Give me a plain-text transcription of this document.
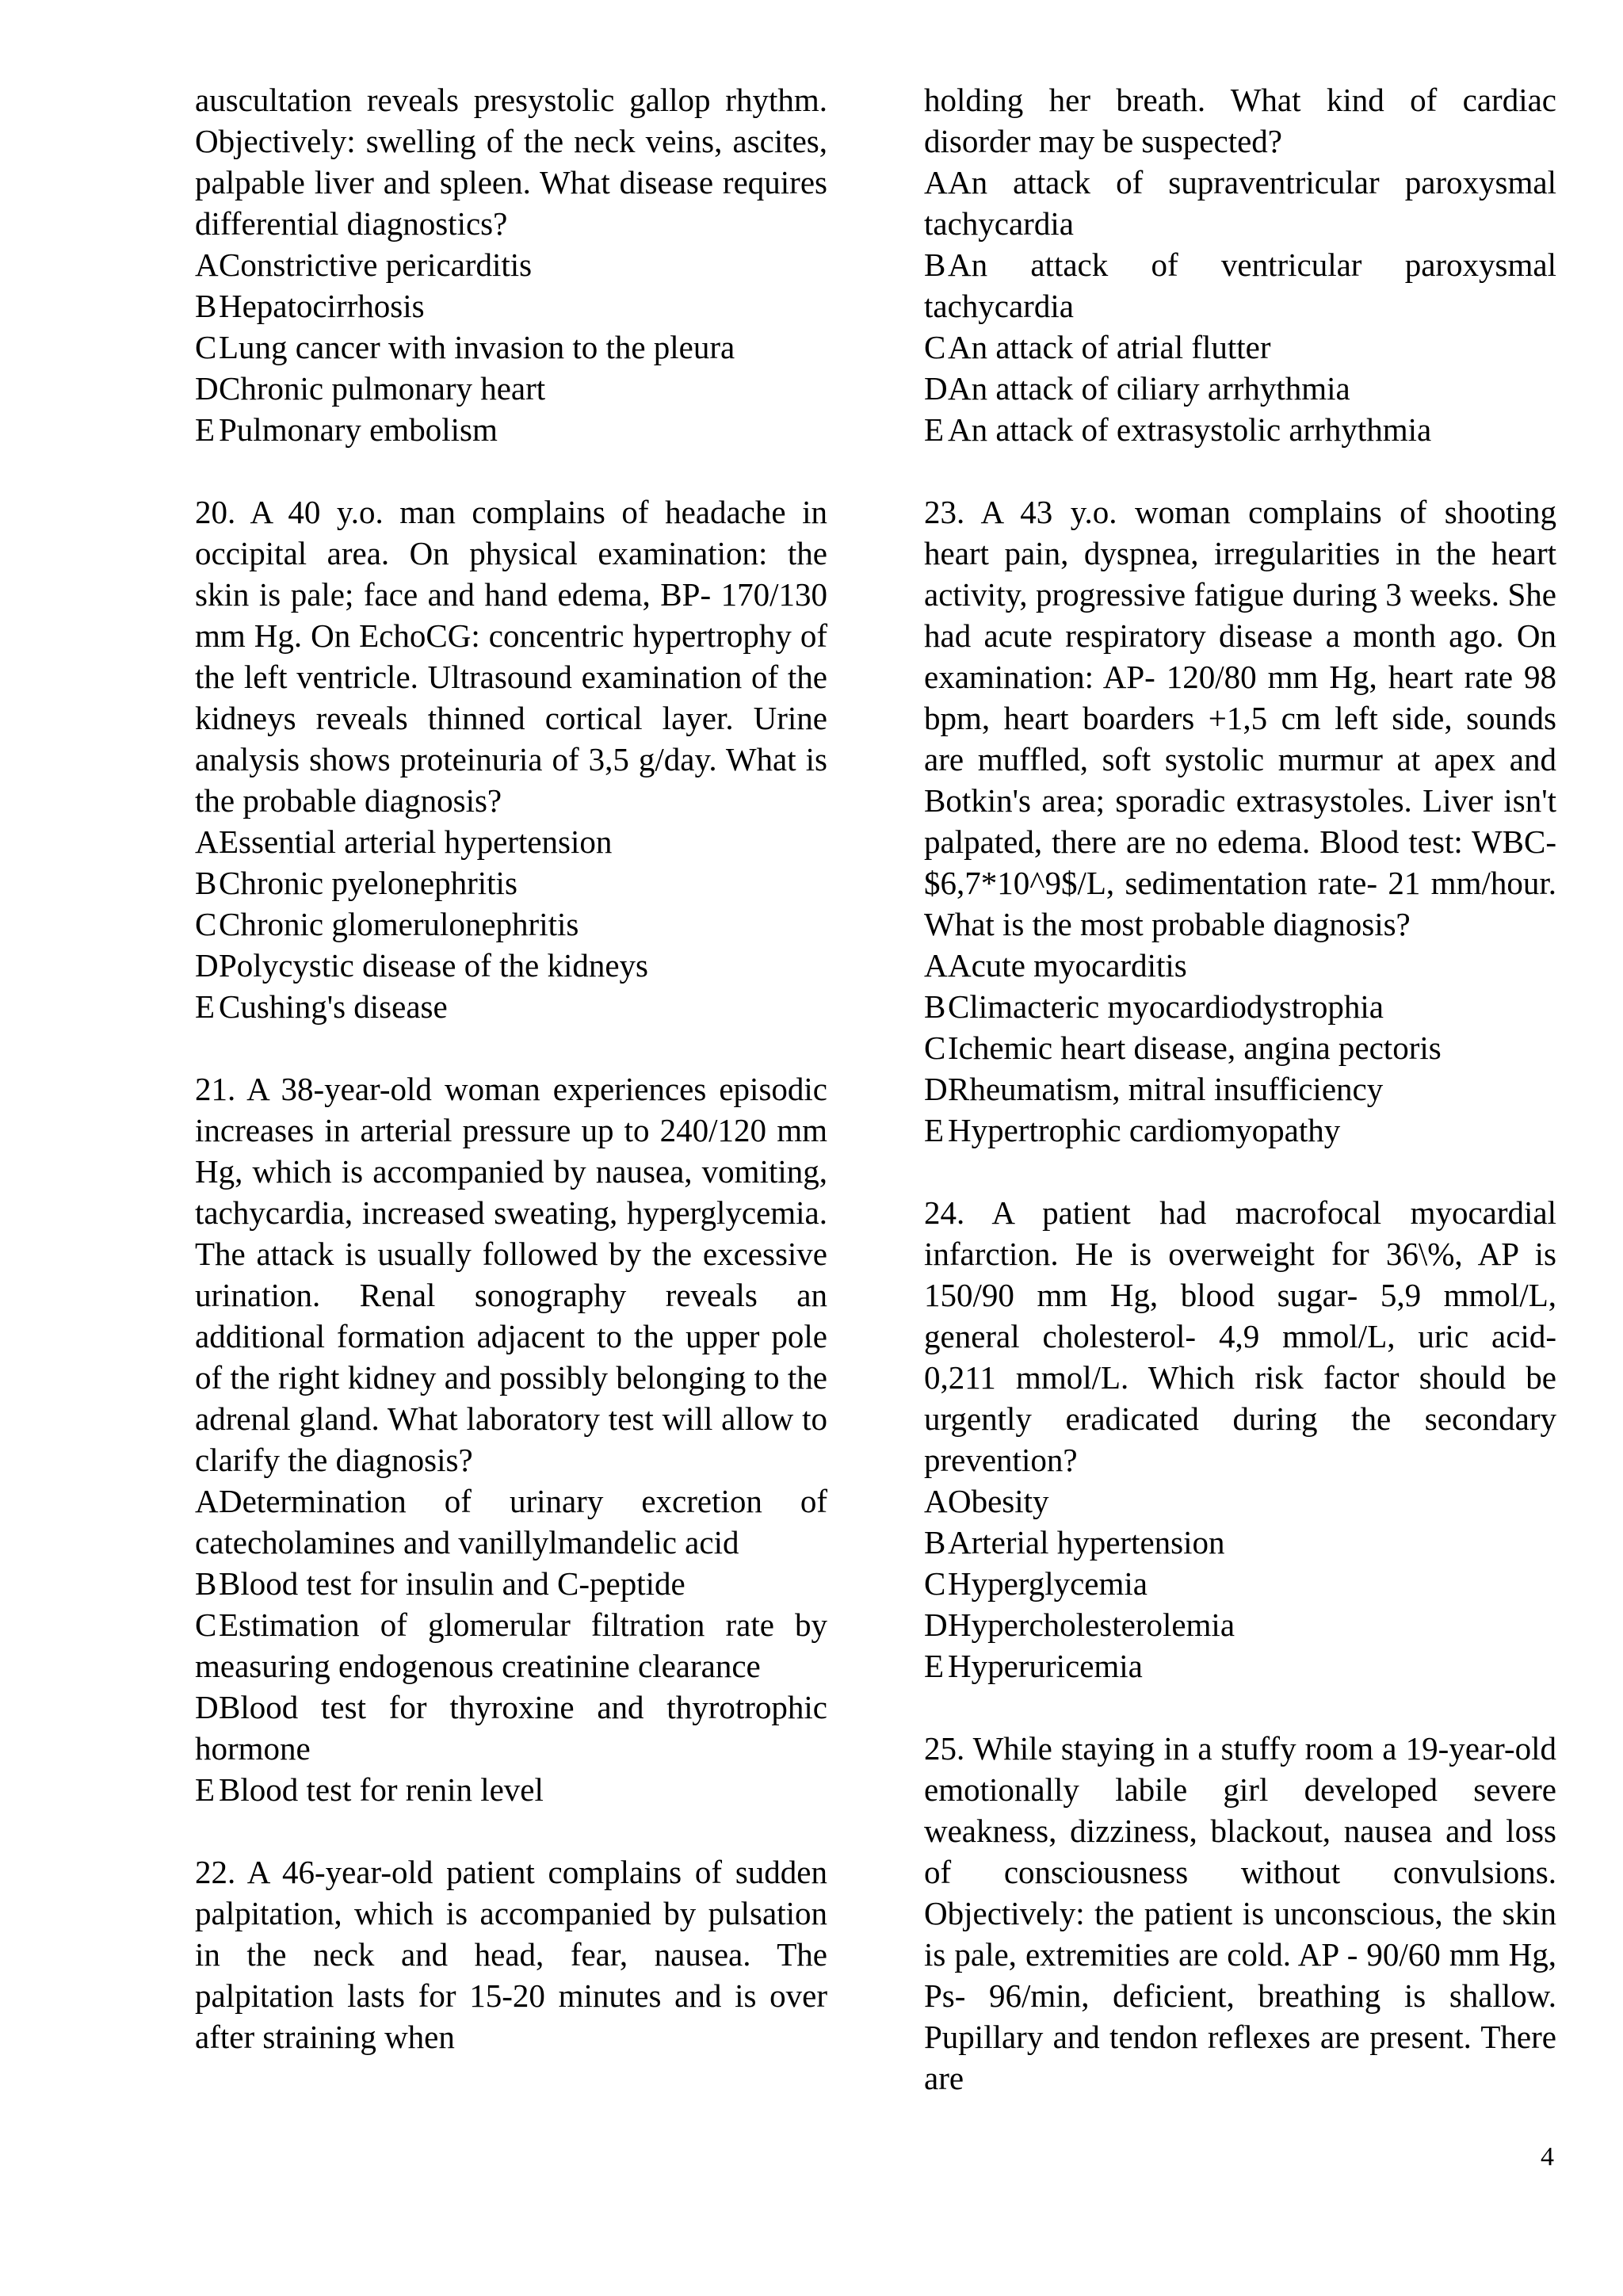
auscultation reveals presystolic gallop rhythm. Objectively: swelling of the neck veins, ascites, palpable liver and spleen. What disease requires differential diagnostics?

AConstrictive pericarditis

BHepatocirrhosis

CLung cancer with invasion to the pleura

DChronic pulmonary heart

E Pulmonary embolism

20. A 40 y.o. man complains of headache in occipital area. On physical examination: the skin is pale; face and hand edema, BP- 170/130 mm Hg. On EchoCG: concentric hypertrophy of the left ventricle. Ultrasound examination of the kidneys reveals thinned cortical layer. Urine analysis shows proteinuria of 3,5 g/day. What is the probable diagnosis?

AEssential arterial hypertension

BChronic pyelonephritis

CChronic glomerulonephritis

DPolycystic disease of the kidneys

E Cushing's disease

21. A 38-year-old woman experiences episodic increases in arterial pressure up to 240/120 mm Hg, which is accompanied by nausea, vomiting, tachycardia, increased sweating, hyperglycemia. The attack is usually followed by the excessive urination. Renal sonography reveals an additional formation adjacent to the upper pole of the right kidney and possibly belonging to the adrenal gland. What laboratory test will allow to clarify the diagnosis?

ADetermination of urinary excretion of catecholamines and vanillylmandelic acid

BBlood test for insulin and C-peptide

CEstimation of glomerular filtration rate by measuring endogenous creatinine clearance

DBlood test for thyroxine and thyrotrophic hormone

E Blood test for renin level

22. A 46-year-old patient complains of sudden palpitation, which is accompanied by pulsation in the neck and head, fear, nausea. The palpitation lasts for 15-20 minutes and is over after straining when

holding her breath. What kind of cardiac disorder may be suspected?

AAn attack of supraventricular paroxysmal tachycardia

BAn attack of ventricular paroxysmal tachycardia

CAn attack of atrial flutter

DAn attack of ciliary arrhythmia

E An attack of extrasystolic arrhythmia

23. A 43 y.o. woman complains of shooting heart pain, dyspnea, irregularities in the heart activity, progressive fatigue during 3 weeks. She had acute respiratory disease a month ago. On examination: AP- 120/80 mm Hg, heart rate 98 bpm, heart boarders +1,5 cm left side, sounds are muffled, soft systolic murmur at apex and Botkin's area; sporadic extrasystoles. Liver isn't palpated, there are no edema. Blood test: WBC- $6,7*10^9$/L, sedimentation rate- 21 mm/hour. What is the most probable diagnosis?

AAcute myocarditis

BClimacteric myocardiodystrophia

CIchemic heart disease, angina pectoris

DRheumatism, mitral insufficiency

E Hypertrophic cardiomyopathy

24. A patient had macrofocal myocardial infarction. He is overweight for 36\%, AP is 150/90 mm Hg, blood sugar- 5,9 mmol/L, general cholesterol- 4,9 mmol/L, uric acid- 0,211 mmol/L. Which risk factor should be urgently eradicated during the secondary prevention?

AObesity

BArterial hypertension

CHyperglycemia

DHypercholesterolemia

E Hyperuricemia

25. While staying in a stuffy room a 19-year-old emotionally labile girl developed severe weakness, dizziness, blackout, nausea and loss of consciousness without convulsions. Objectively: the patient is unconscious, the skin is pale, extremities are cold. AP - 90/60 mm Hg, Ps- 96/min, deficient, breathing is shallow. Pupillary and tendon reflexes are present. There are

4
